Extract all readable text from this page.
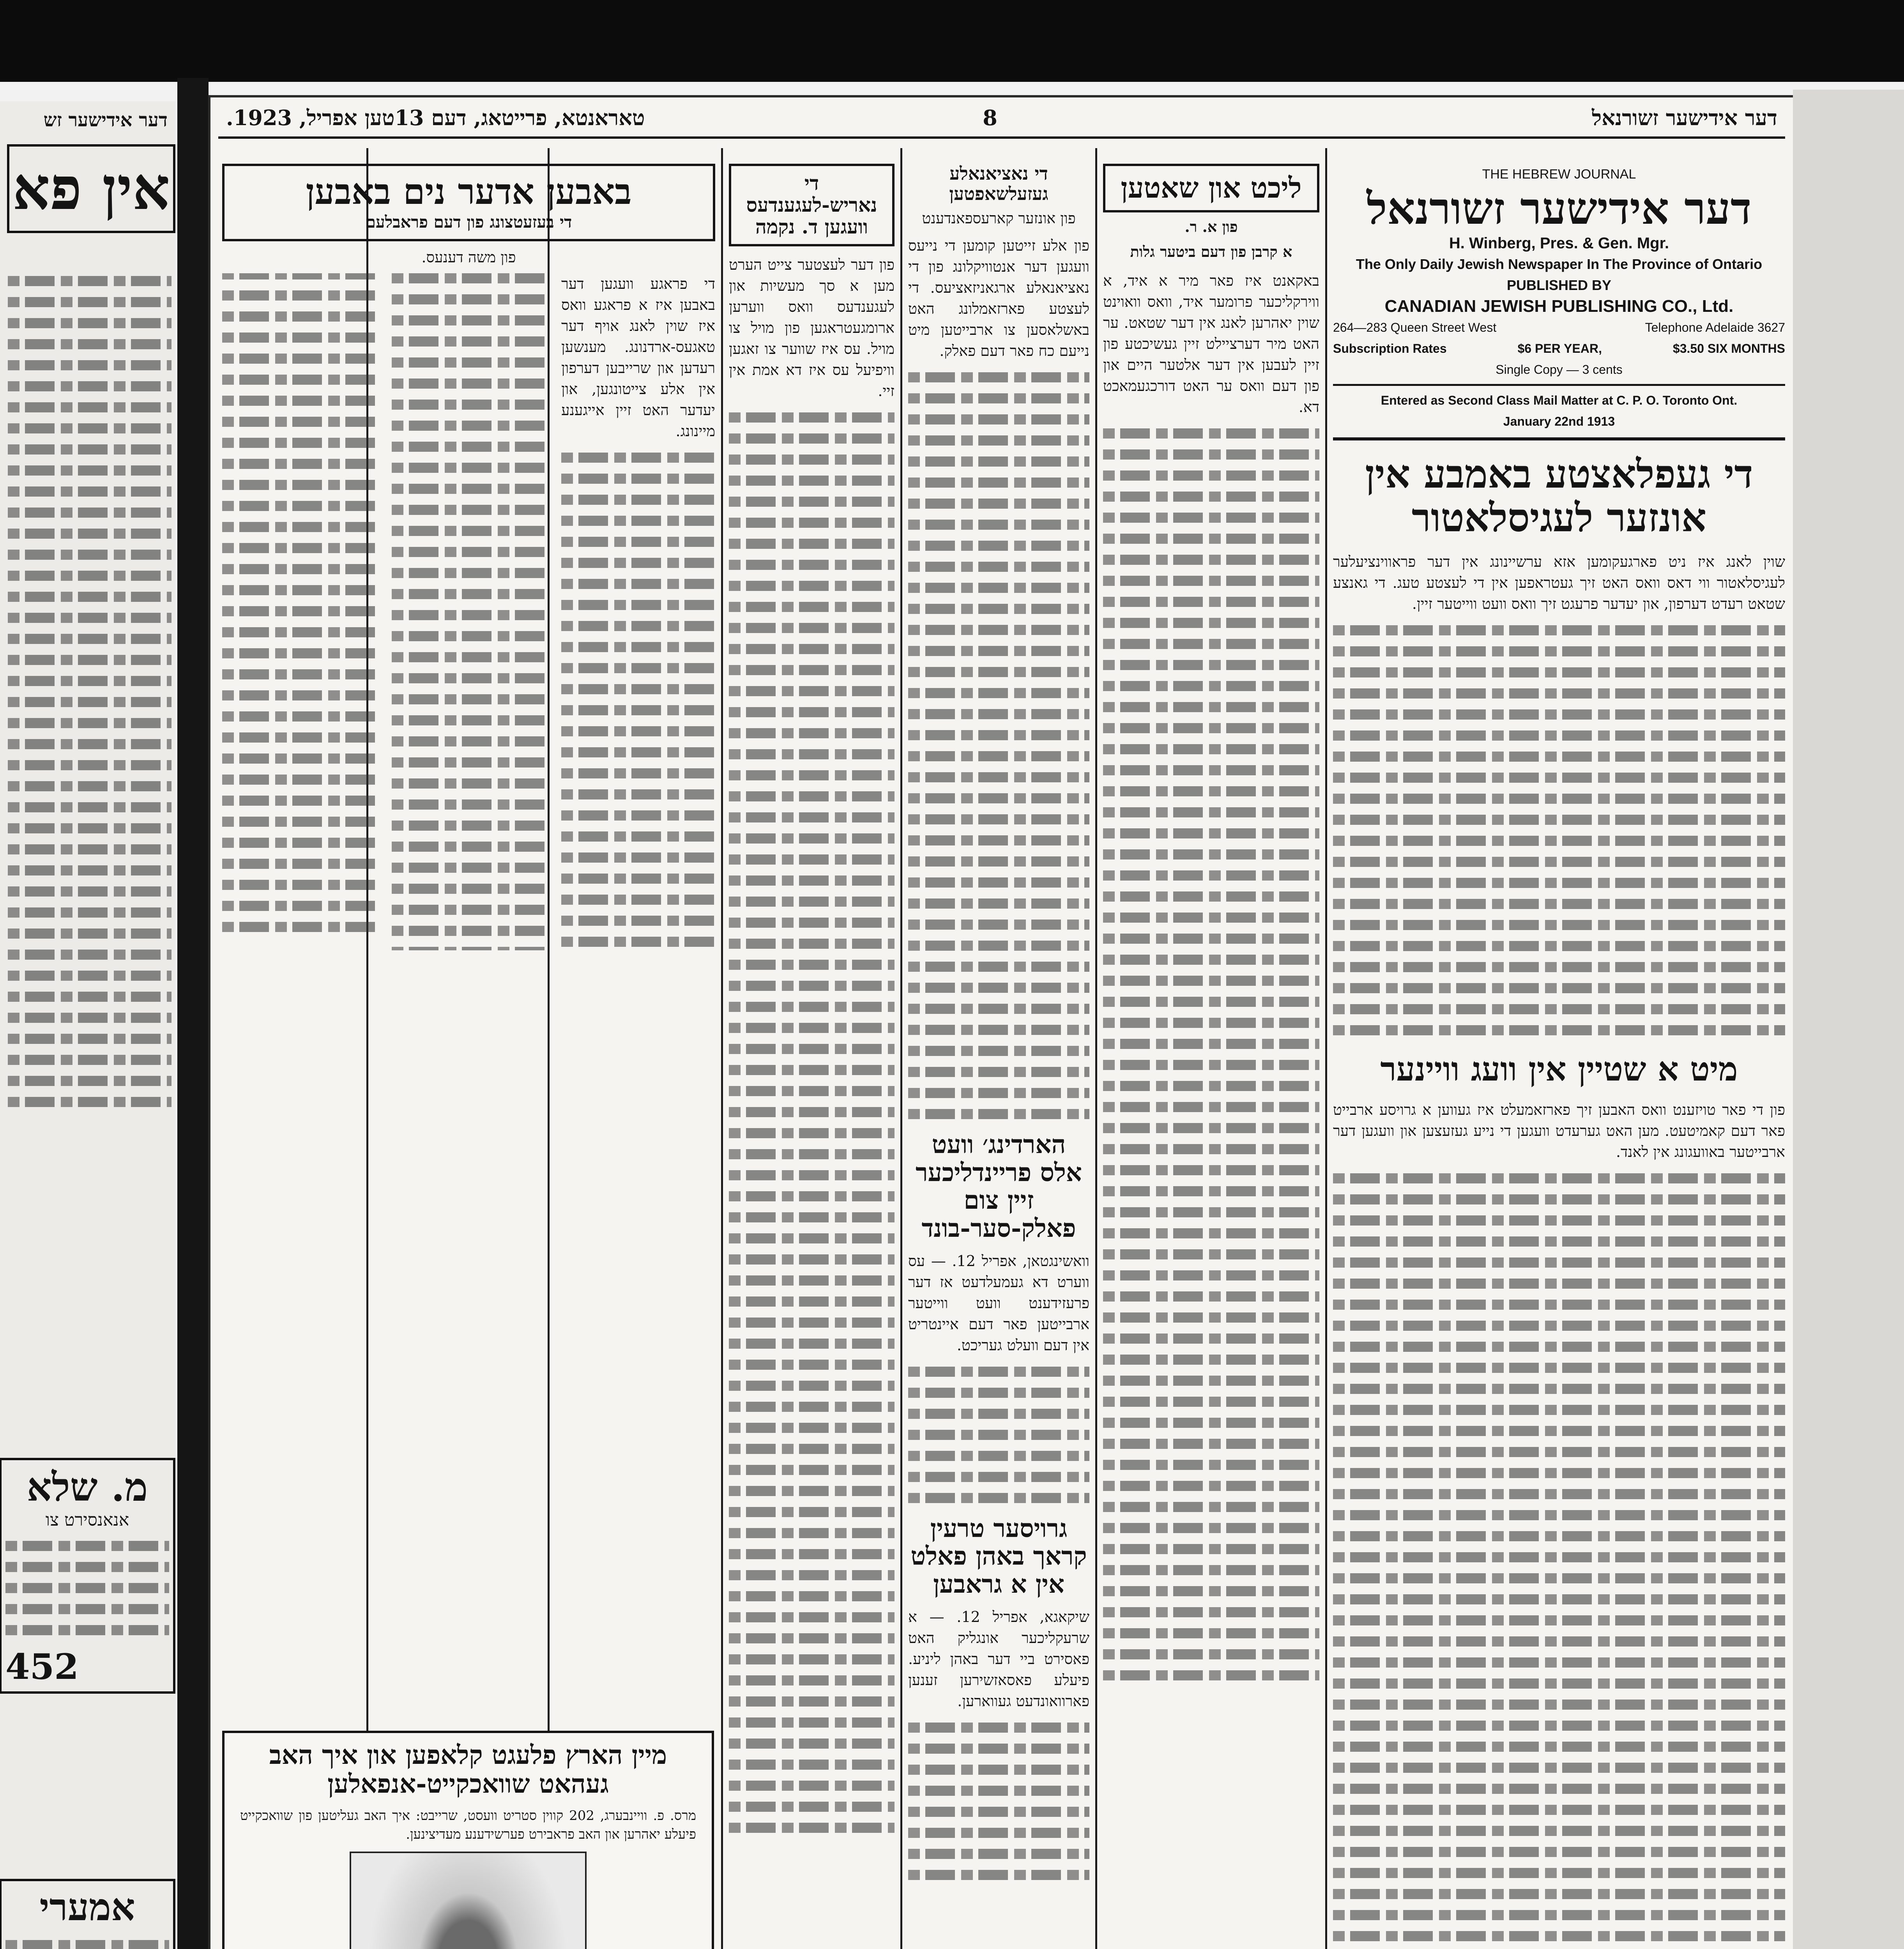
דער אידישער זש
אין פא
מ. שלא
אנאנסירט צו
452
אמערי
טאראנטא, פרייטאג, דעם 13טען אפריל, 1923.	8	דער אידישער זשורנאל
THE HEBREW JOURNAL
דער אידישער זשורנאל
H. Winberg, Pres. & Gen. Mgr.
The Only Daily Jewish Newspaper In The Province of Ontario
PUBLISHED BY
CANADIAN JEWISH PUBLISHING CO., Ltd.
264—283 Queen Street West	Telephone Adelaide 3627
Subscription Rates	$6 PER YEAR,	$3.50 SIX MONTHS
Single Copy — 3 cents
Entered as Second Class Mail Matter at C. P. O. Toronto Ont.
January 22nd 1913
די געפלאצטע באמבע אין אונזער לעגיסלאטור
שוין לאנג איז ניט פארגעקומען אזא ערשיינונג אין דער פראווינציעלער לעגיסלאטור ווי דאס וואס האט זיך געטראפען אין די לעצטע טעג. די גאנצע שטאט רעדט דערפון, און יעדער פרעגט זיך וואס וועט ווייטער זיין.
מיט א שטיין אין וועג וויינער
פון די פאר טויזענט וואס האבען זיך פארזאמעלט איז געווען א גרויסע ארבייט פאר דעם קאמיטעט. מען האט גערעדט וועגען די נייע געזעצען און וועגען דער ארבייטער באוועגונג אין לאנד.
ליכט און שאטען
פון א. ר.
א קרבן פון דעם ביטער גלות
באקאנט איז פאר מיר א איד, א ווירקליכער פרומער איד, וואס וואוינט שוין יאהרען לאנג אין דער שטאט. ער האט מיר דערציילט זיין געשיכטע פון זיין לעבען אין דער אלטער היים און פון דעם וואס ער האט דורכגעמאכט דא.
די נאציאנאלע געזעלשאפטען
פון אונזער קארעספאנדענט
פון אלע זייטען קומען די נייעס וועגען דער אנטוויקלונג פון די נאציאנאלע ארגאניזאציעס. די לעצטע פארזאמלונג האט באשלאסען צו ארבייטען מיט נייעם כח פאר דעם פאלק.
הארדינג׳ וועט אלס פריינדליכער זיין צום פאלק-סער-בונד
וואשינגטאן, אפריל 12. — עס ווערט דא געמעלדעט אז דער פרעזידענט וועט ווייטער ארבייטען פאר דעם איינטריט אין דעם וועלט געריכט.
גרויסער טרעין קראך באהן פאלט אין א גראבען
שיקאגא, אפריל 12. — א שרעקליכער אונגליק האט פאסירט ביי דער באהן ליניע. פיעלע פאסאזשירען זענען פארוואונדעט געווארען.
די נאריש-לעגענדעס וועגען ד. נקמה
פון דער לעצטער צייט הערט מען א סך מעשיות און לעגענדעס וואס ווערען ארומגעטראגען פון מויל צו מויל. עס איז שווער צו זאגען וויפיעל עס איז דא אמת אין זיי.
באבען אדער נים באבען
די בעזעטצונג פון דעם פראבלעם
פון משה דענעס.
די פראגע וועגען דער באבען איז א פראגע וואס איז שוין לאנג אויף דער טאגעס-ארדנונג. מענשען רעדען און שרייבען דערפון אין אלע צייטונגען, און יעדער האט זיין אייגענע מיינונג.
מיין הארץ פלעגט קלאפען און איך האב געהאט שוואכקייט-אנפאלען
מרס. פ. וויינבערג, 202 קווין סטריט וועסט, שרייבט: איך האב געליטען פון שוואכקייט פיעלע יאהרען און האב פראבירט פערשידענע מעדיצינען.
